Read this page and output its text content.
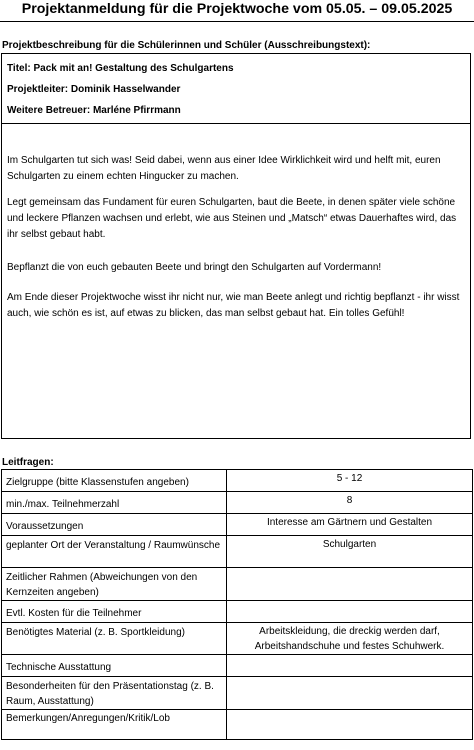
Projektanmeldung für die Projektwoche vom 05.05. – 09.05.2025
Projektbeschreibung für die Schülerinnen und Schüler (Ausschreibungstext):
Titel: Pack mit an! Gestaltung des Schulgartens
Projektleiter: Dominik Hasselwander
Weitere Betreuer: Marléne Pfirrmann

Im Schulgarten tut sich was! Seid dabei, wenn aus einer Idee Wirklichkeit wird und helft mit, euren Schulgarten zu einem echten Hingucker zu machen.

Legt gemeinsam das Fundament für euren Schulgarten, baut die Beete, in denen später viele schöne und leckere Pflanzen wachsen und erlebt, wie aus Steinen und „Matsch“ etwas Dauerhaftes wird, das ihr selbst gebaut habt.

Bepflanzt die von euch gebauten Beete und bringt den Schulgarten auf Vordermann!

Am Ende dieser Projektwoche wisst ihr nicht nur, wie man Beete anlegt und richtig bepflanzt - ihr wisst auch, wie schön es ist, auf etwas zu blicken, das man selbst gebaut hat. Ein tolles Gefühl!

Leitfragen:
Zielgruppe (bitte Klassenstufen angeben)	5 - 12
min./max. Teilnehmerzahl	8
Voraussetzungen	Interesse am Gärtnern und Gestalten
geplanter Ort der Veranstaltung / Raumwünsche	Schulgarten
Zeitlicher Rahmen (Abweichungen von den Kernzeiten angeben)	
Evtl. Kosten für die Teilnehmer	
Benötigtes Material (z. B. Sportkleidung)	Arbeitskleidung, die dreckig werden darf, Arbeitshandschuhe und festes Schuhwerk.
Technische Ausstattung	
Besonderheiten für den Präsentationstag (z. B. Raum, Ausstattung)	
Bemerkungen/Anregungen/Kritik/Lob	
